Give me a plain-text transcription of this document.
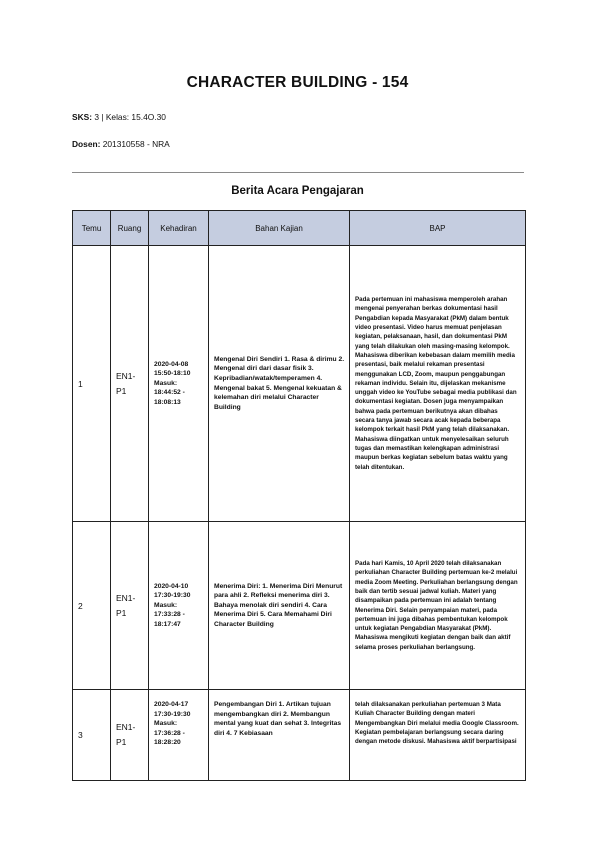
CHARACTER BUILDING - 154
SKS: 3 | Kelas: 15.4O.30
Dosen: 201310558 - NRA
Berita Acara Pengajaran
Temu	Ruang	Kehadiran	Bahan Kajian	BAP
1	EN1-P1	2020-04-08 15:50-18:10 Masuk: 18:44:52 - 18:08:13	Mengenal Diri Sendiri 1. Rasa & dirimu 2. Mengenal diri dari dasar fisik 3. Kepribadian/watak/temperamen 4. Mengenal bakat 5. Mengenal kekuatan & kelemahan diri melalui Character Building	Pada pertemuan ini mahasiswa memperoleh arahan mengenai penyerahan berkas dokumentasi hasil Pengabdian kepada Masyarakat (PkM) dalam bentuk video presentasi. Video harus memuat penjelasan kegiatan, pelaksanaan, hasil, dan dokumentasi PkM yang telah dilakukan oleh masing-masing kelompok. Mahasiswa diberikan kebebasan dalam memilih media presentasi, baik melalui rekaman presentasi menggunakan LCD, Zoom, maupun penggabungan rekaman individu. Selain itu, dijelaskan mekanisme unggah video ke YouTube sebagai media publikasi dan dokumentasi kegiatan. Dosen juga menyampaikan bahwa pada pertemuan berikutnya akan dibahas secara tanya jawab secara acak kepada beberapa kelompok terkait hasil PkM yang telah dilaksanakan. Mahasiswa diingatkan untuk menyelesaikan seluruh tugas dan memastikan kelengkapan administrasi maupun berkas kegiatan sebelum batas waktu yang telah ditentukan.
2	EN1-P1	2020-04-10 17:30-19:30 Masuk: 17:33:28 - 18:17:47	Menerima Diri: 1. Menerima Diri Menurut para ahli 2. Refleksi menerima diri 3. Bahaya menolak diri sendiri 4. Cara Menerima Diri 5. Cara Memahami Diri Character Building	Pada hari Kamis, 10 April 2020 telah dilaksanakan perkuliahan Character Building pertemuan ke-2 melalui media Zoom Meeting. Perkuliahan berlangsung dengan baik dan tertib sesuai jadwal kuliah. Materi yang disampaikan pada pertemuan ini adalah tentang Menerima Diri. Selain penyampaian materi, pada pertemuan ini juga dibahas pembentukan kelompok untuk kegiatan Pengabdian Masyarakat (PkM). Mahasiswa mengikuti kegiatan dengan baik dan aktif selama proses perkuliahan berlangsung.
3	EN1-P1	2020-04-17 17:30-19:30 Masuk: 17:36:28 - 18:28:20	Pengembangan Diri 1. Artikan tujuan mengembangkan diri 2. Membangun mental yang kuat dan sehat 3. Integritas diri 4. 7 Kebiasaan	telah dilaksanakan perkuliahan pertemuan 3 Mata Kuliah Character Building dengan materi Mengembangkan Diri melalui media Google Classroom. Kegiatan pembelajaran berlangsung secara daring dengan metode diskusi. Mahasiswa aktif berpartisipasi
